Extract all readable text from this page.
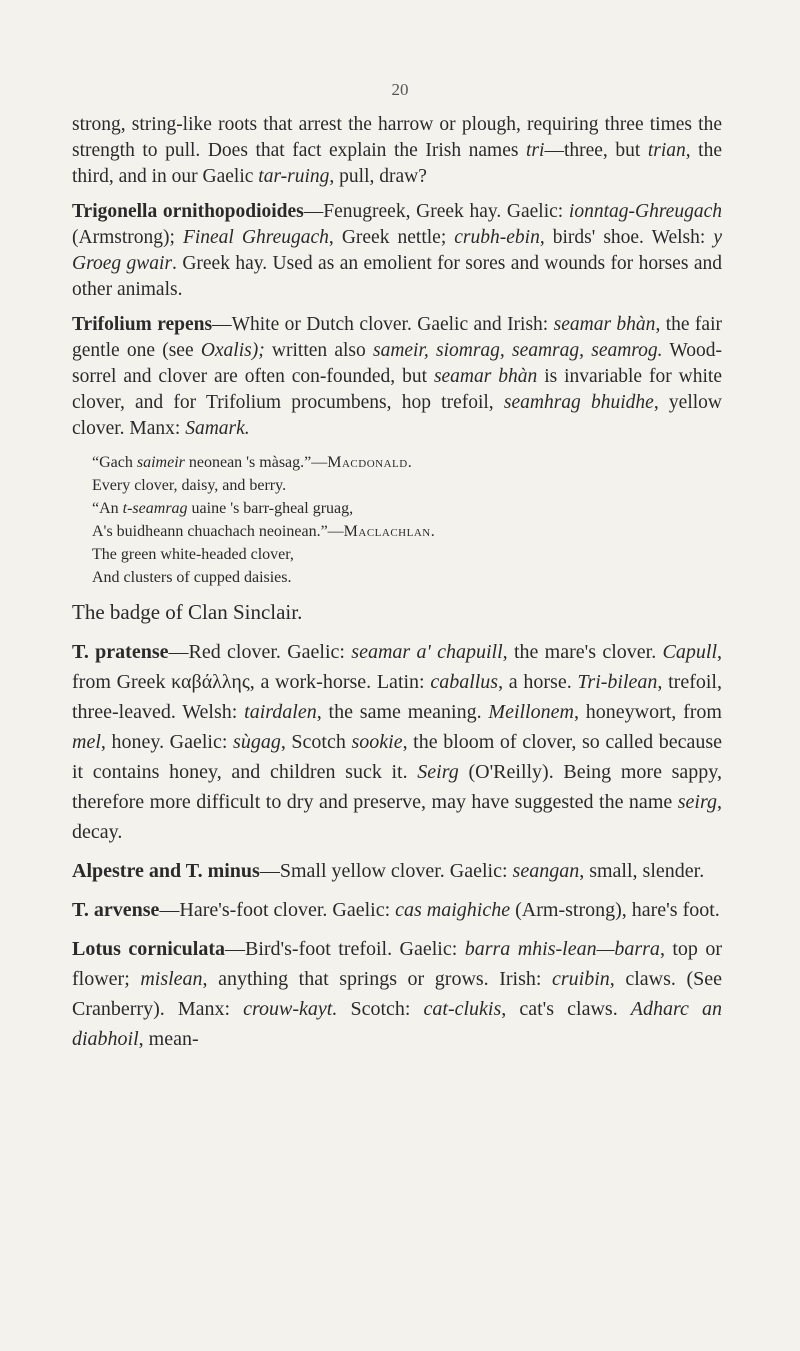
20

strong, string-like roots that arrest the harrow or plough, requiring three times the strength to pull. Does that fact explain the Irish names tri—three, but trian, the third, and in our Gaelic tar-ruing, pull, draw?

Trigonella ornithopodioides—Fenugreek, Greek hay. Gaelic: ionntag-Ghreugach (Armstrong); Fineal Ghreugach, Greek nettle; crubh-ebin, birds' shoe. Welsh: y Groeg gwair. Greek hay. Used as an emolient for sores and wounds for horses and other animals.

Trifolium repens—White or Dutch clover. Gaelic and Irish: seamar bhàn, the fair gentle one (see Oxalis); written also sameir, siomrag, seamrag, seamrog. Wood-sorrel and clover are often con-founded, but seamar bhàn is invariable for white clover, and for Trifolium procumbens, hop trefoil, seamhrag bhuidhe, yellow clover. Manx: Samark.

“Gach saimeir neonean 's màsag.”—Macdonald.
Every clover, daisy, and berry.
“An t-seamrag uaine 's barr-gheal gruag,
A's buidheann chuachach neoinean.”—Maclachlan.
The green white-headed clover,
And clusters of cupped daisies.

The badge of Clan Sinclair.

T. pratense—Red clover. Gaelic: seamar a' chapuill, the mare's clover. Capull, from Greek καβάλλης, a work-horse. Latin: caballus, a horse. Tri-bilean, trefoil, three-leaved. Welsh: tairdalen, the same meaning. Meillonem, honeywort, from mel, honey. Gaelic: sùgag, Scotch sookie, the bloom of clover, so called because it contains honey, and children suck it. Seirg (O'Reilly). Being more sappy, therefore more difficult to dry and preserve, may have suggested the name seirg, decay.

Alpestre and T. minus—Small yellow clover. Gaelic: seangan, small, slender.

T. arvense—Hare's-foot clover. Gaelic: cas maighiche (Arm-strong), hare's foot.

Lotus corniculata—Bird's-foot trefoil. Gaelic: barra mhis-lean—barra, top or flower; mislean, anything that springs or grows. Irish: cruibin, claws. (See Cranberry). Manx: crouw-kayt. Scotch: cat-clukis, cat's claws. Adharc an diabhoil, mean-
